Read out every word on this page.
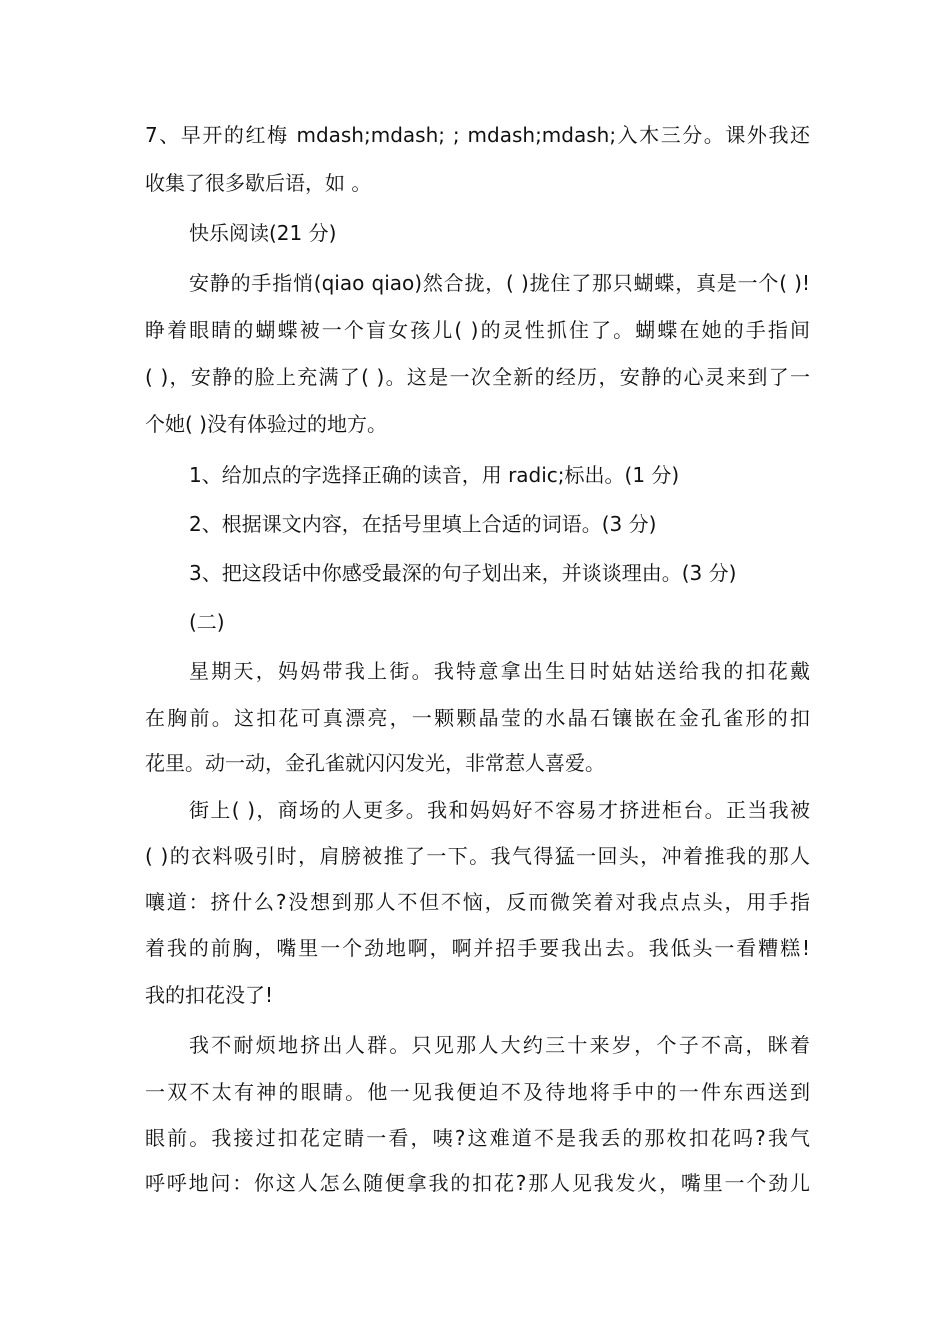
7、早开的红梅 mdash;mdash; ; mdash;mdash;入木三分。课外我还
收集了很多歇后语，如 。
快乐阅读(21 分)
安静的手指悄(qiao qiao)然合拢，( )拢住了那只蝴蝶，真是一个( )!
睁着眼睛的蝴蝶被一个盲女孩儿( )的灵性抓住了。蝴蝶在她的手指间
( )，安静的脸上充满了( )。这是一次全新的经历，安静的心灵来到了一
个她( )没有体验过的地方。
1、给加点的字选择正确的读音，用 radic;标出。(1 分)
2、根据课文内容，在括号里填上合适的词语。(3 分)
3、把这段话中你感受最深的句子划出来，并谈谈理由。(3 分)
(二)
星期天，妈妈带我上街。我特意拿出生日时姑姑送给我的扣花戴
在胸前。这扣花可真漂亮，一颗颗晶莹的水晶石镶嵌在金孔雀形的扣
花里。动一动，金孔雀就闪闪发光，非常惹人喜爱。
街上( )，商场的人更多。我和妈妈好不容易才挤进柜台。正当我被
( )的衣料吸引时，肩膀被推了一下。我气得猛一回头，冲着推我的那人
嚷道：挤什么?没想到那人不但不恼，反而微笑着对我点点头，用手指
着我的前胸，嘴里一个劲地啊，啊并招手要我出去。我低头一看糟糕!
我的扣花没了!
我不耐烦地挤出人群。只见那人大约三十来岁，个子不高，眯着
一双不太有神的眼睛。他一见我便迫不及待地将手中的一件东西送到
眼前。我接过扣花定睛一看，咦?这难道不是我丢的那枚扣花吗?我气
呼呼地问：你这人怎么随便拿我的扣花?那人见我发火，嘴里一个劲儿
